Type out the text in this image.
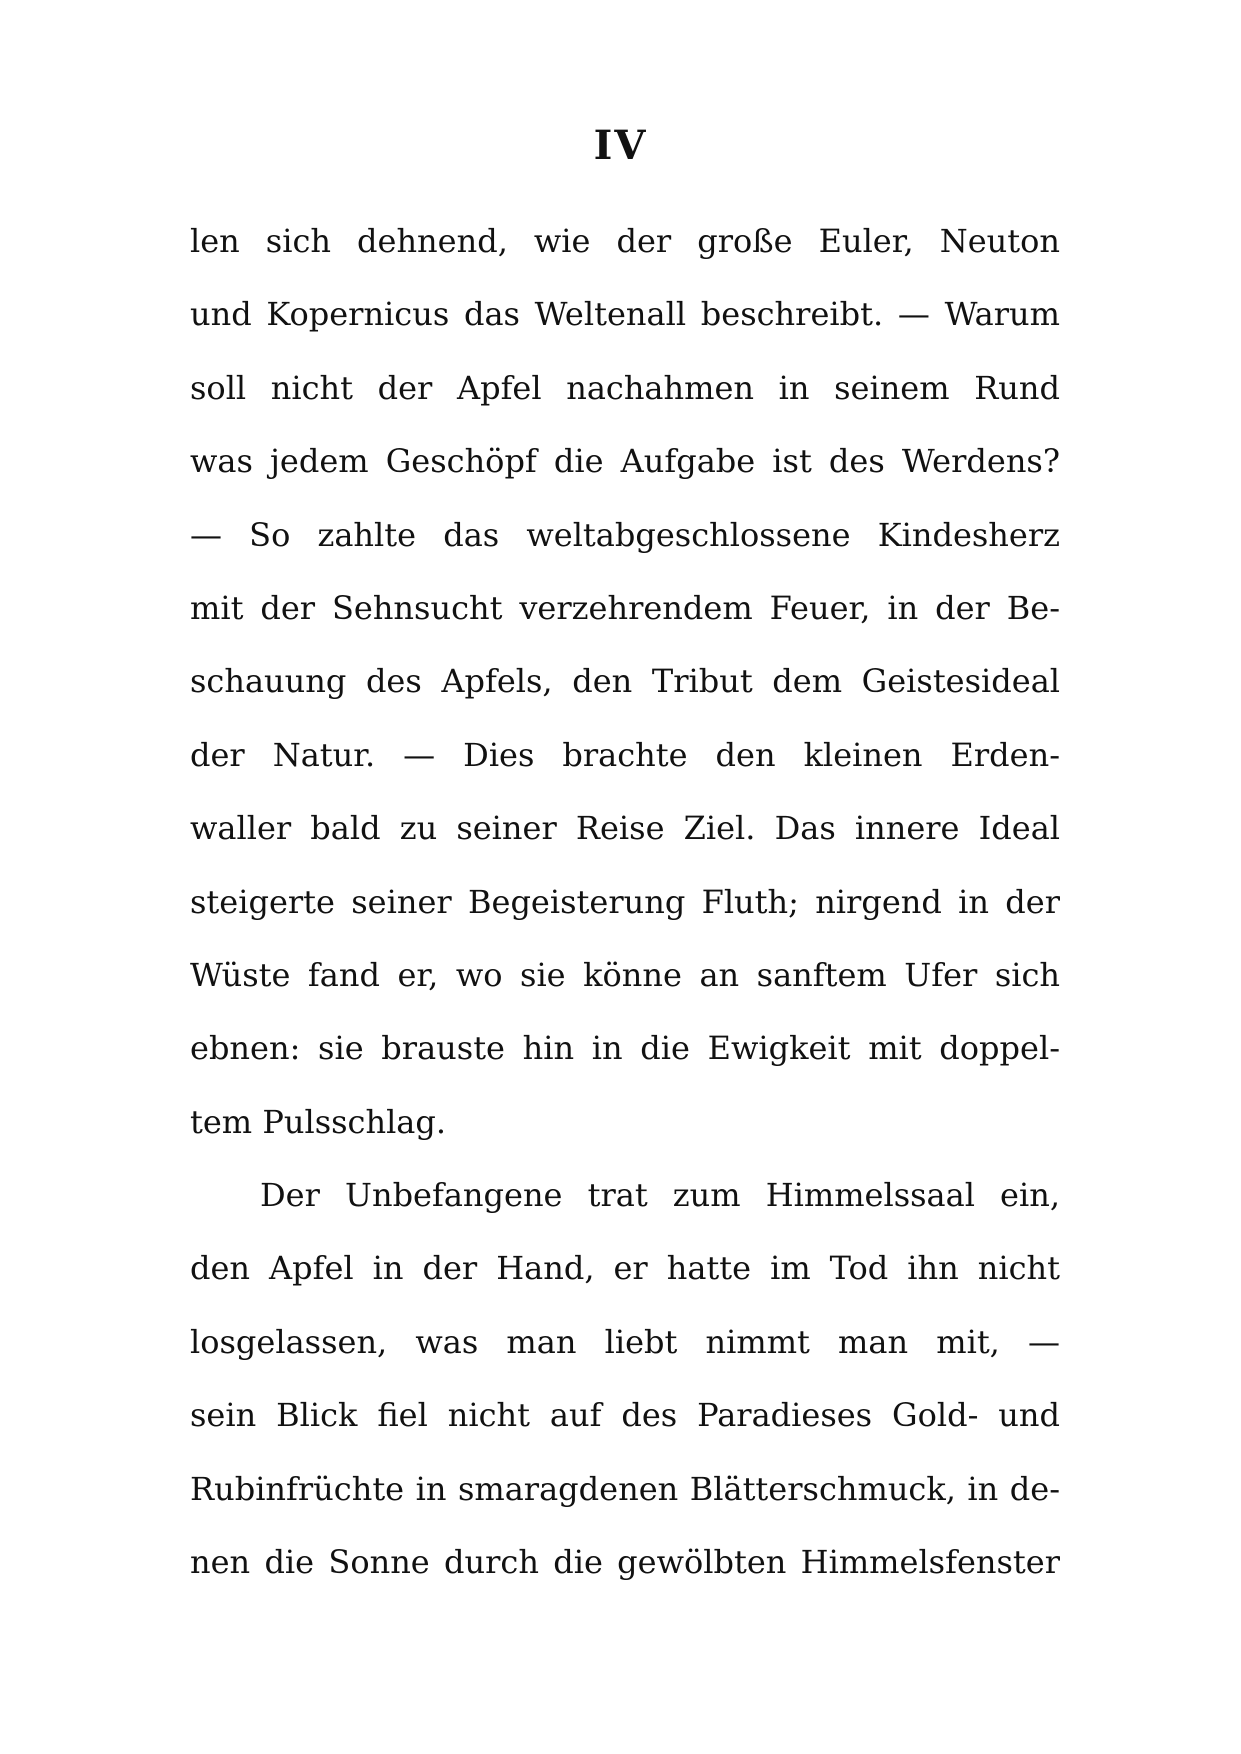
IV
len sich dehnend, wie der große Euler, Neuton
und Kopernicus das Weltenall beschreibt. — Warum
soll nicht der Apfel nachahmen in seinem Rund
was jedem Geschöpf die Aufgabe ist des Werdens?
— So zahlte das weltabgeschlossene Kindesherz
mit der Sehnsucht verzehrendem Feuer, in der Be-
schauung des Apfels, den Tribut dem Geistesideal
der Natur. — Dies brachte den kleinen Erden-
waller bald zu seiner Reise Ziel. Das innere Ideal
steigerte seiner Begeisterung Fluth; nirgend in der
Wüste fand er, wo sie könne an sanftem Ufer sich
ebnen: sie brauste hin in die Ewigkeit mit doppel-
tem Pulsschlag.
Der Unbefangene trat zum Himmelssaal ein,
den Apfel in der Hand, er hatte im Tod ihn nicht
losgelassen, was man liebt nimmt man mit, —
sein Blick fiel nicht auf des Paradieses Gold- und
Rubinfrüchte in smaragdenen Blätterschmuck, in de-
nen die Sonne durch die gewölbten Himmelsfenster
